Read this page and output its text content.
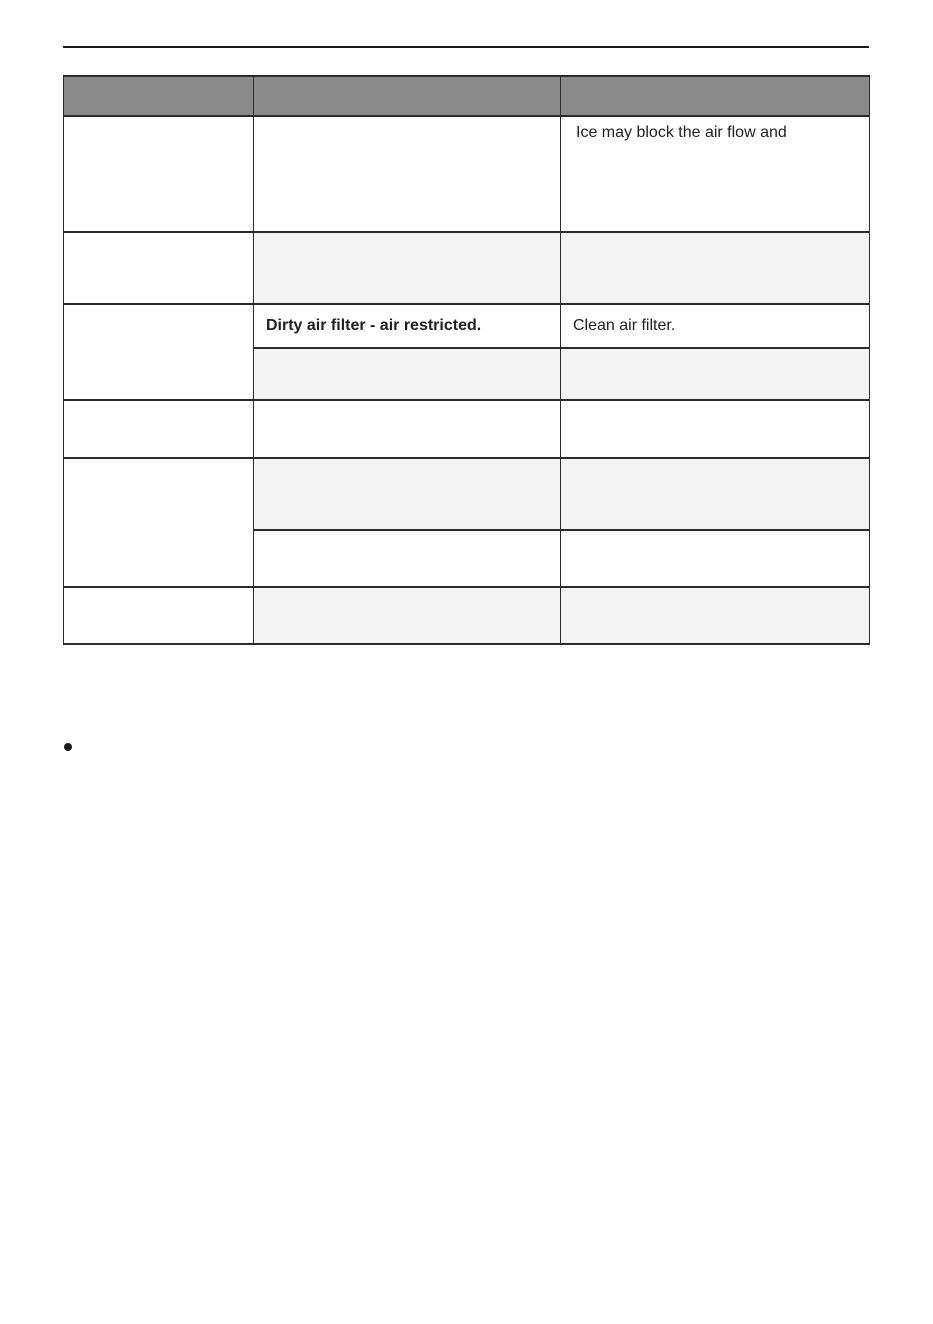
		Ice may block the air flow and

	Dirty air filter - air restricted.	Clean air filter.
